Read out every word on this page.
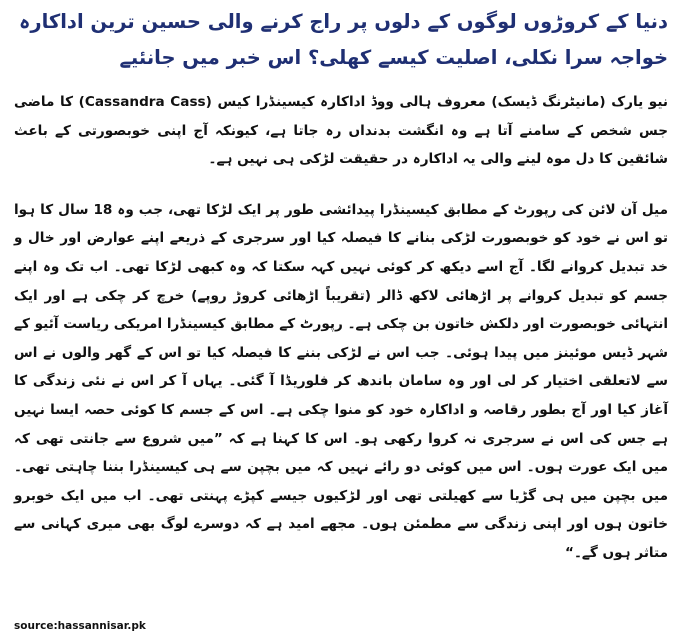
دنیا کے کروڑوں لوگوں کے دلوں پر راج کرنے والی حسین ترین اداکارہ خواجہ سرا نکلی، اصلیت کیسے کھلی؟ اس خبر میں جانئیے

نیو یارک (مانیٹرنگ ڈیسک) معروف ہالی ووڈ اداکارہ کیسینڈرا کیس (Cassandra Cass) کا ماضی جس شخص کے سامنے آتا ہے وہ انگشت بدنداں رہ جاتا ہے، کیونکہ آج اپنی خوبصورتی کے باعث شائقین کا دل موہ لینے والی یہ اداکارہ در حقیقت لڑکی ہی نہیں ہے۔

میل آن لائن کی رپورٹ کے مطابق کیسینڈرا پیدائشی طور پر ایک لڑکا تھی، جب وہ 18 سال کا ہوا تو اس نے خود کو خوبصورت لڑکی بنانے کا فیصلہ کیا اور سرجری کے ذریعے اپنے عوارض اور خال و خد تبدیل کروانے لگا۔ آج اسے دیکھ کر کوئی نہیں کہہ سکتا کہ وہ کبھی لڑکا تھی۔ اب تک وہ اپنے جسم کو تبدیل کروانے پر اڑھائی لاکھ ڈالر (تقریباً اڑھائی کروڑ روپے) خرچ کر چکی ہے اور ایک انتہائی خوبصورت اور دلکش خاتون بن چکی ہے۔ رپورٹ کے مطابق کیسینڈرا امریکی ریاست آئیو کے شہر ڈیس موئینز میں پیدا ہوئی۔ جب اس نے لڑکی بننے کا فیصلہ کیا تو اس کے گھر والوں نے اس سے لاتعلقی اختیار کر لی اور وہ سامان باندھ کر فلوریڈا آ گئی۔ یہاں آ کر اس نے نئی زندگی کا آغاز کیا اور آج بطور رقاصہ و اداکارہ خود کو منوا چکی ہے۔ اس کے جسم کا کوئی حصہ ایسا نہیں ہے جس کی اس نے سرجری نہ کروا رکھی ہو۔ اس کا کہنا ہے کہ ”میں شروع سے جانتی تھی کہ میں ایک عورت ہوں۔ اس میں کوئی دو رائے نہیں کہ میں بچپن سے ہی کیسینڈرا بننا چاہتی تھی۔ میں بچپن میں ہی گڑیا سے کھیلتی تھی اور لڑکیوں جیسے کپڑے پہنتی تھی۔ اب میں ایک خوبرو خاتون ہوں اور اپنی زندگی سے مطمئن ہوں۔ مجھے امید ہے کہ دوسرے لوگ بھی میری کہانی سے متاثر ہوں گے۔“

source:hassannisar.pk
